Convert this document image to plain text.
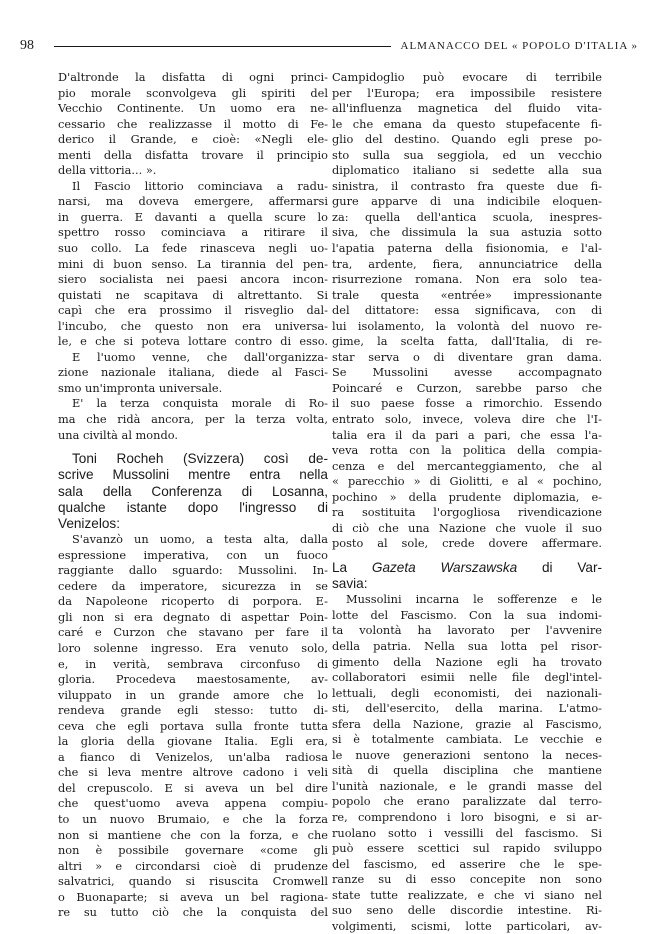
98	ALMANACCO DEL « POPOLO D'ITALIA »
D'altronde la disfatta di ogni princi-
pio morale sconvolgeva gli spiriti del
Vecchio Continente. Un uomo era ne-
cessario che realizzasse il motto di Fe-
derico il Grande, e cioè: «Negli ele-
menti della disfatta trovare il principio
della vittoria... ».
Il Fascio littorio cominciava a radu-
narsi, ma doveva emergere, affermarsi
in guerra. E davanti a quella scure lo
spettro rosso cominciava a ritirare il
suo collo. La fede rinasceva negli uo-
mini di buon senso. La tirannia del pen-
siero socialista nei paesi ancora incon-
quistati ne scapitava di altrettanto. Si
capì che era prossimo il risveglio dal-
l'incubo, che questo non era universa-
le, e che si poteva lottare contro di esso.
E l'uomo venne, che dall'organizza-
zione nazionale italiana, diede al Fasci-
smo un'impronta universale.
E' la terza conquista morale di Ro-
ma che ridà ancora, per la terza volta,
una civiltà al mondo.
Toni Rocheh (Svizzera) così de-
scrive Mussolini mentre entra nella
sala della Conferenza di Losanna,
qualche istante dopo l'ingresso di
Venizelos:
S'avanzò un uomo, a testa alta, dalla
espressione imperativa, con un fuoco
raggiante dallo sguardo: Mussolini. In-
cedere da imperatore, sicurezza in se
da Napoleone ricoperto di porpora. E-
gli non si era degnato di aspettar Poin-
caré e Curzon che stavano per fare il
loro solenne ingresso. Era venuto solo,
e, in verità, sembrava circonfuso di
gloria. Procedeva maestosamente, av-
viluppato in un grande amore che lo
rendeva grande egli stesso: tutto di-
ceva che egli portava sulla fronte tutta
la gloria della giovane Italia. Egli era,
a fianco di Venizelos, un'alba radiosa
che si leva mentre altrove cadono i veli
del crepuscolo. E si aveva un bel dire
che quest'uomo aveva appena compiu-
to un nuovo Brumaio, e che la forza
non si mantiene che con la forza, e che
non è possibile governare «come gli
altri » e circondarsi cioè di prudenze
salvatrici, quando si risuscita Cromwell
o Buonaparte; si aveva un bel ragiona-
re su tutto ciò che la conquista del
Campidoglio può evocare di terribile
per l'Europa; era impossibile resistere
all'influenza magnetica del fluido vita-
le che emana da questo stupefacente fi-
glio del destino. Quando egli prese po-
sto sulla sua seggiola, ed un vecchio
diplomatico italiano si sedette alla sua
sinistra, il contrasto fra queste due fi-
gure apparve di una indicibile eloquen-
za: quella dell'antica scuola, inespres-
siva, che dissimula la sua astuzia sotto
l'apatia paterna della fisionomia, e l'al-
tra, ardente, fiera, annunciatrice della
risurrezione romana. Non era solo tea-
trale questa «entrée» impressionante
del dittatore: essa significava, con di
lui isolamento, la volontà del nuovo re-
gime, la scelta fatta, dall'Italia, di re-
star serva o di diventare gran dama.
Se Mussolini avesse accompagnato
Poincaré e Curzon, sarebbe parso che
il suo paese fosse a rimorchio. Essendo
entrato solo, invece, voleva dire che l'I-
talia era il da pari a pari, che essa l'a-
veva rotta con la politica della compia-
cenza e del mercanteggiamento, che al
« parecchio » di Giolitti, e al « pochino,
pochino » della prudente diplomazia, e-
ra sostituita l'orgogliosa rivendicazione
di ciò che una Nazione che vuole il suo
posto al sole, crede dovere affermare.
La Gazeta Warszawska di Var-
savia:
Mussolini incarna le sofferenze e le
lotte del Fascismo. Con la sua indomi-
ta volontà ha lavorato per l'avvenire
della patria. Nella sua lotta pel risor-
gimento della Nazione egli ha trovato
collaboratori esimii nelle file degl'intel-
lettuali, degli economisti, dei nazionali-
sti, dell'esercito, della marina. L'atmo-
sfera della Nazione, grazie al Fascismo,
si è totalmente cambiata. Le vecchie e
le nuove generazioni sentono la neces-
sità di quella disciplina che mantiene
l'unità nazionale, e le grandi masse del
popolo che erano paralizzate dal terro-
re, comprendono i loro bisogni, e si ar-
ruolano sotto i vessilli del fascismo. Si
può essere scettici sul rapido sviluppo
del fascismo, ed asserire che le spe-
ranze su di esso concepite non sono
state tutte realizzate, e che vi siano nel
suo seno delle discordie intestine. Ri-
volgimenti, scismi, lotte particolari, av-
